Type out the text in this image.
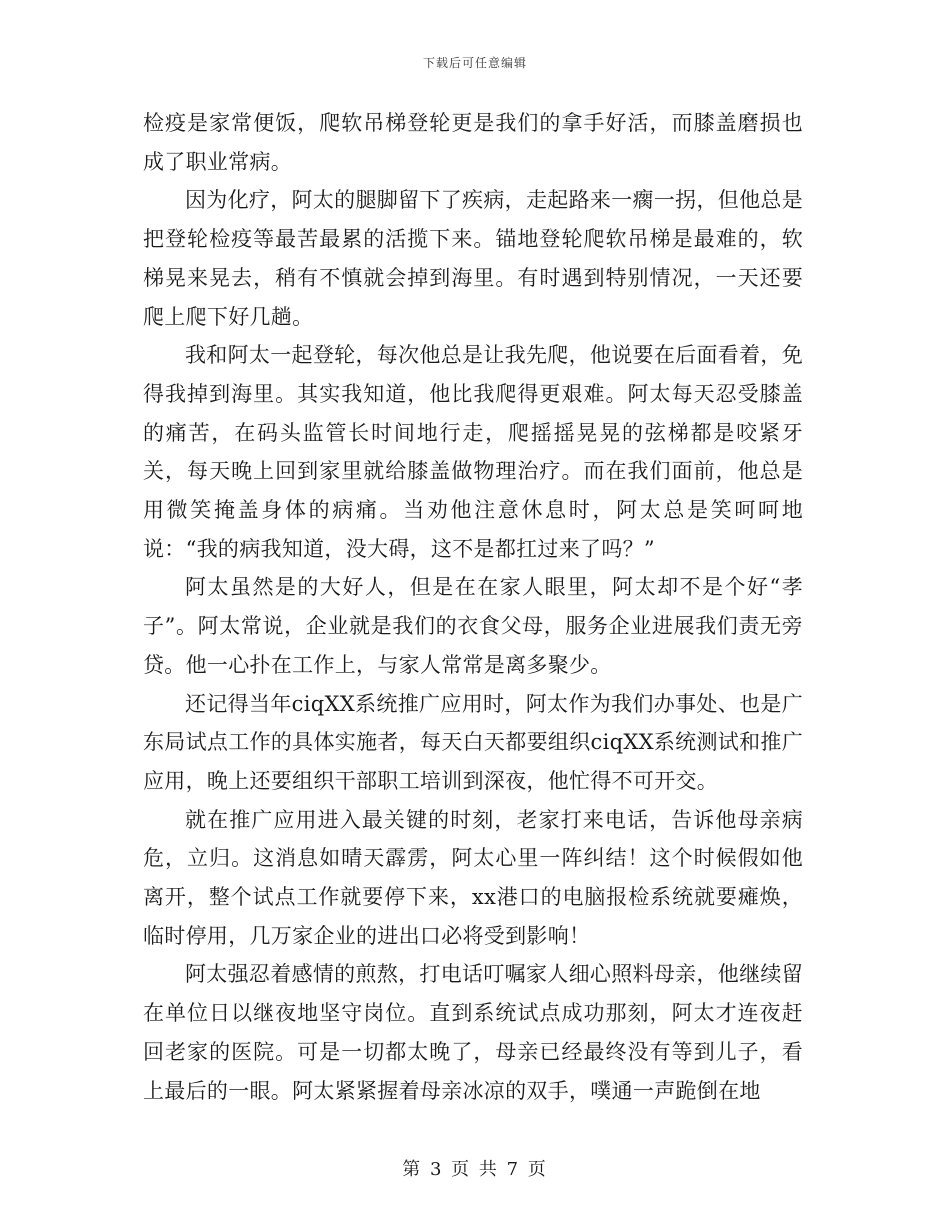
下载后可任意编辑

检疫是家常便饭，爬软吊梯登轮更是我们的拿手好活，而膝盖磨损也成了职业常病。

因为化疗，阿太的腿脚留下了疾病，走起路来一瘸一拐，但他总是把登轮检疫等最苦最累的活揽下来。锚地登轮爬软吊梯是最难的，软梯晃来晃去，稍有不慎就会掉到海里。有时遇到特别情况，一天还要爬上爬下好几趟。

我和阿太一起登轮，每次他总是让我先爬，他说要在后面看着，免得我掉到海里。其实我知道，他比我爬得更艰难。阿太每天忍受膝盖的痛苦，在码头监管长时间地行走，爬摇摇晃晃的弦梯都是咬紧牙关，每天晚上回到家里就给膝盖做物理治疗。而在我们面前，他总是用微笑掩盖身体的病痛。当劝他注意休息时，阿太总是笑呵呵地说：“我的病我知道，没大碍，这不是都扛过来了吗？”

阿太虽然是的大好人，但是在在家人眼里，阿太却不是个好“孝子”。阿太常说，企业就是我们的衣食父母，服务企业进展我们责无旁贷。他一心扑在工作上，与家人常常是离多聚少。

还记得当年ciqXX系统推广应用时，阿太作为我们办事处、也是广东局试点工作的具体实施者，每天白天都要组织ciqXX系统测试和推广应用，晚上还要组织干部职工培训到深夜，他忙得不可开交。

就在推广应用进入最关键的时刻，老家打来电话，告诉他母亲病危，立归。这消息如晴天霹雳，阿太心里一阵纠结！这个时候假如他离开，整个试点工作就要停下来，xx港口的电脑报检系统就要瘫焕，临时停用，几万家企业的进出口必将受到影响！

阿太强忍着感情的煎熬，打电话叮嘱家人细心照料母亲，他继续留在单位日以继夜地坚守岗位。直到系统试点成功那刻，阿太才连夜赶回老家的医院。可是一切都太晚了，母亲已经最终没有等到儿子，看上最后的一眼。阿太紧紧握着母亲冰凉的双手，噗通一声跪倒在地

第 3 页 共 7 页
